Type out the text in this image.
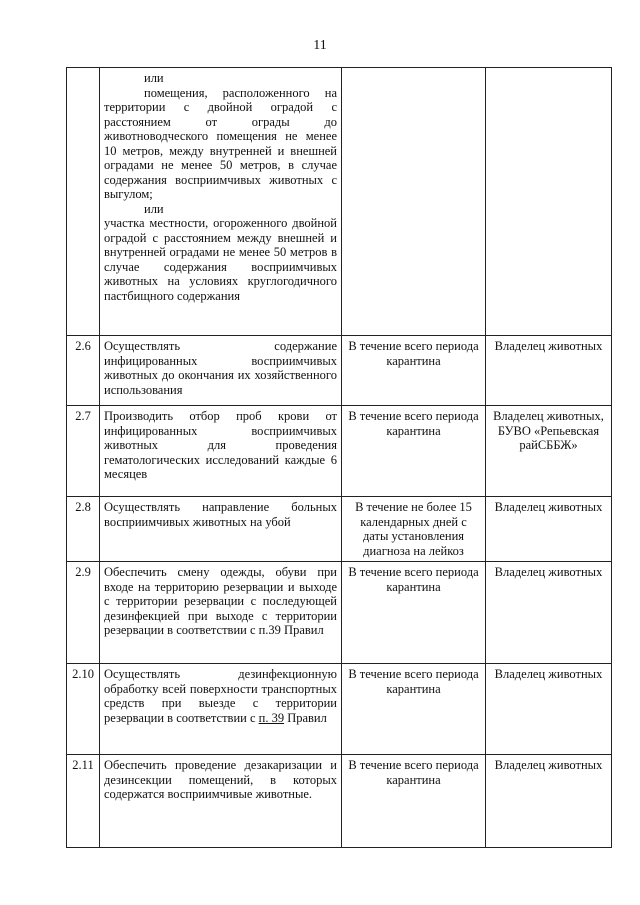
11

	или

помещения, расположенного на территории с двойной оградой с расстоянием от ограды до животноводческого помещения не менее 10 метров, между внутренней и внешней оградами не менее 50 метров, в случае содержания восприимчивых животных с выгулом;

или

участка местности, огороженного двойной оградой с расстоянием между внешней и внутренней оградами не менее 50 метров в случае содержания восприимчивых животных на условиях круглогодичного пастбищного содержания		

2.6	Осуществлять содержание инфицированных восприимчивых животных до окончания их хозяйственного использования	В течение всего периода карантина	Владелец животных
2.7	Производить отбор проб крови от инфицированных восприимчивых животных для проведения гематологических исследований каждые 6 месяцев	В течение всего периода карантина	Владелец животных, БУВО «Репьевская райСББЖ»
2.8	Осуществлять направление больных восприимчивых животных на убой	В течение не более 15 календарных дней с даты установления диагноза на лейкоз	Владелец животных
2.9	Обеспечить смену одежды, обуви при входе на территорию резервации и выходе с территории резервации с последующей дезинфекцией при выходе с территории резервации в соответствии с п.39 Правил	В течение всего периода карантина	Владелец животных
2.10	Осуществлять дезинфекционную обработку всей поверхности транспортных средств при выезде с территории резервации в соответствии с п. 39 Правил	В течение всего периода карантина	Владелец животных
2.11	Обеспечить проведение дезакаризации и дезинсекции помещений, в которых содержатся восприимчивые животные.	В течение всего периода карантина	Владелец животных
